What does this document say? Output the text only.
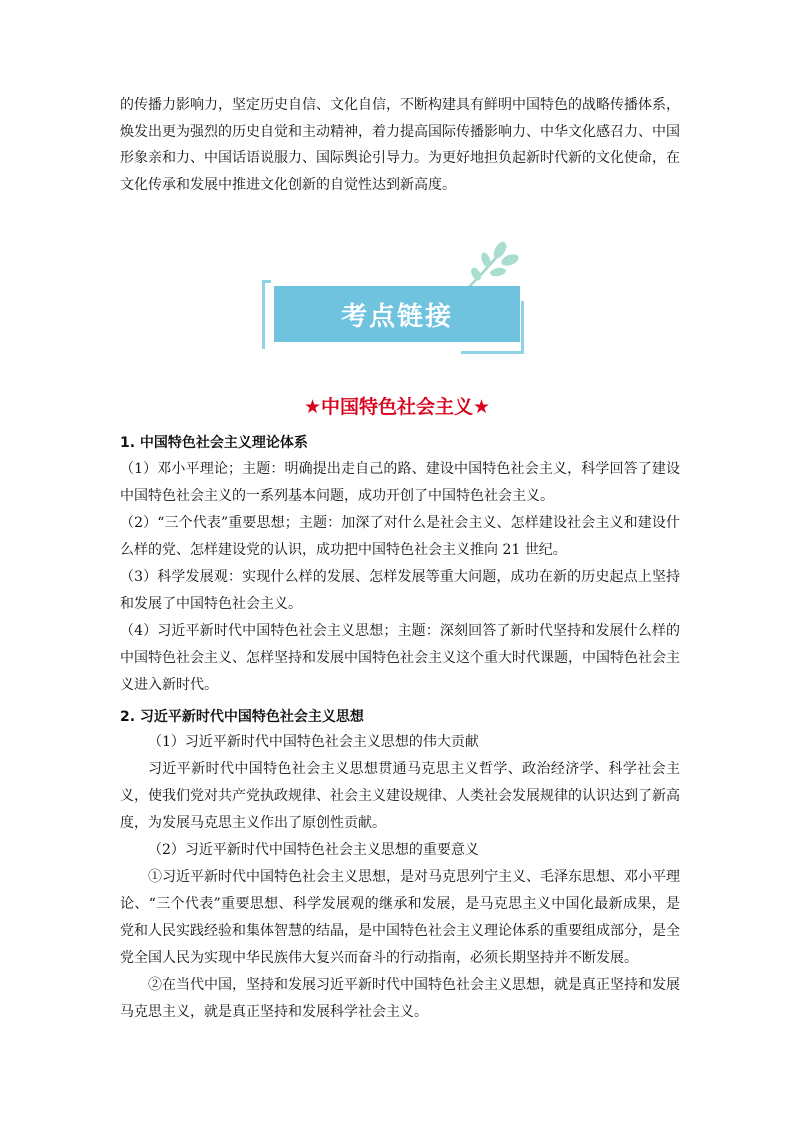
的传播力影响力，坚定历史自信、文化自信，不断构建具有鲜明中国特色的战略传播体系，焕发出更为强烈的历史自觉和主动精神，着力提高国际传播影响力、中华文化感召力、中国形象亲和力、中国话语说服力、国际舆论引导力。为更好地担负起新时代新的文化使命，在文化传承和发展中推进文化创新的自觉性达到新高度。

考点链接
★中国特色社会主义★

1. 中国特色社会主义理论体系

（1）邓小平理论；主题：明确提出走自己的路、建设中国特色社会主义，科学回答了建设中国特色社会主义的一系列基本问题，成功开创了中国特色社会主义。

（2）“三个代表”重要思想；主题：加深了对什么是社会主义、怎样建设社会主义和建设什么样的党、怎样建设党的认识，成功把中国特色社会主义推向 21 世纪。

（3）科学发展观：实现什么样的发展、怎样发展等重大问题，成功在新的历史起点上坚持和发展了中国特色社会主义。

（4）习近平新时代中国特色社会主义思想；主题：深刻回答了新时代坚持和发展什么样的中国特色社会主义、怎样坚持和发展中国特色社会主义这个重大时代课题，中国特色社会主义进入新时代。

2. 习近平新时代中国特色社会主义思想

（1）习近平新时代中国特色社会主义思想的伟大贡献

习近平新时代中国特色社会主义思想贯通马克思主义哲学、政治经济学、科学社会主义，使我们党对共产党执政规律、社会主义建设规律、人类社会发展规律的认识达到了新高度，为发展马克思主义作出了原创性贡献。

（2）习近平新时代中国特色社会主义思想的重要意义

①习近平新时代中国特色社会主义思想，是对马克思列宁主义、毛泽东思想、邓小平理论、“三个代表”重要思想、科学发展观的继承和发展，是马克思主义中国化最新成果，是党和人民实践经验和集体智慧的结晶，是中国特色社会主义理论体系的重要组成部分，是全党全国人民为实现中华民族伟大复兴而奋斗的行动指南，必须长期坚持并不断发展。

②在当代中国，坚持和发展习近平新时代中国特色社会主义思想，就是真正坚持和发展马克思主义，就是真正坚持和发展科学社会主义。
